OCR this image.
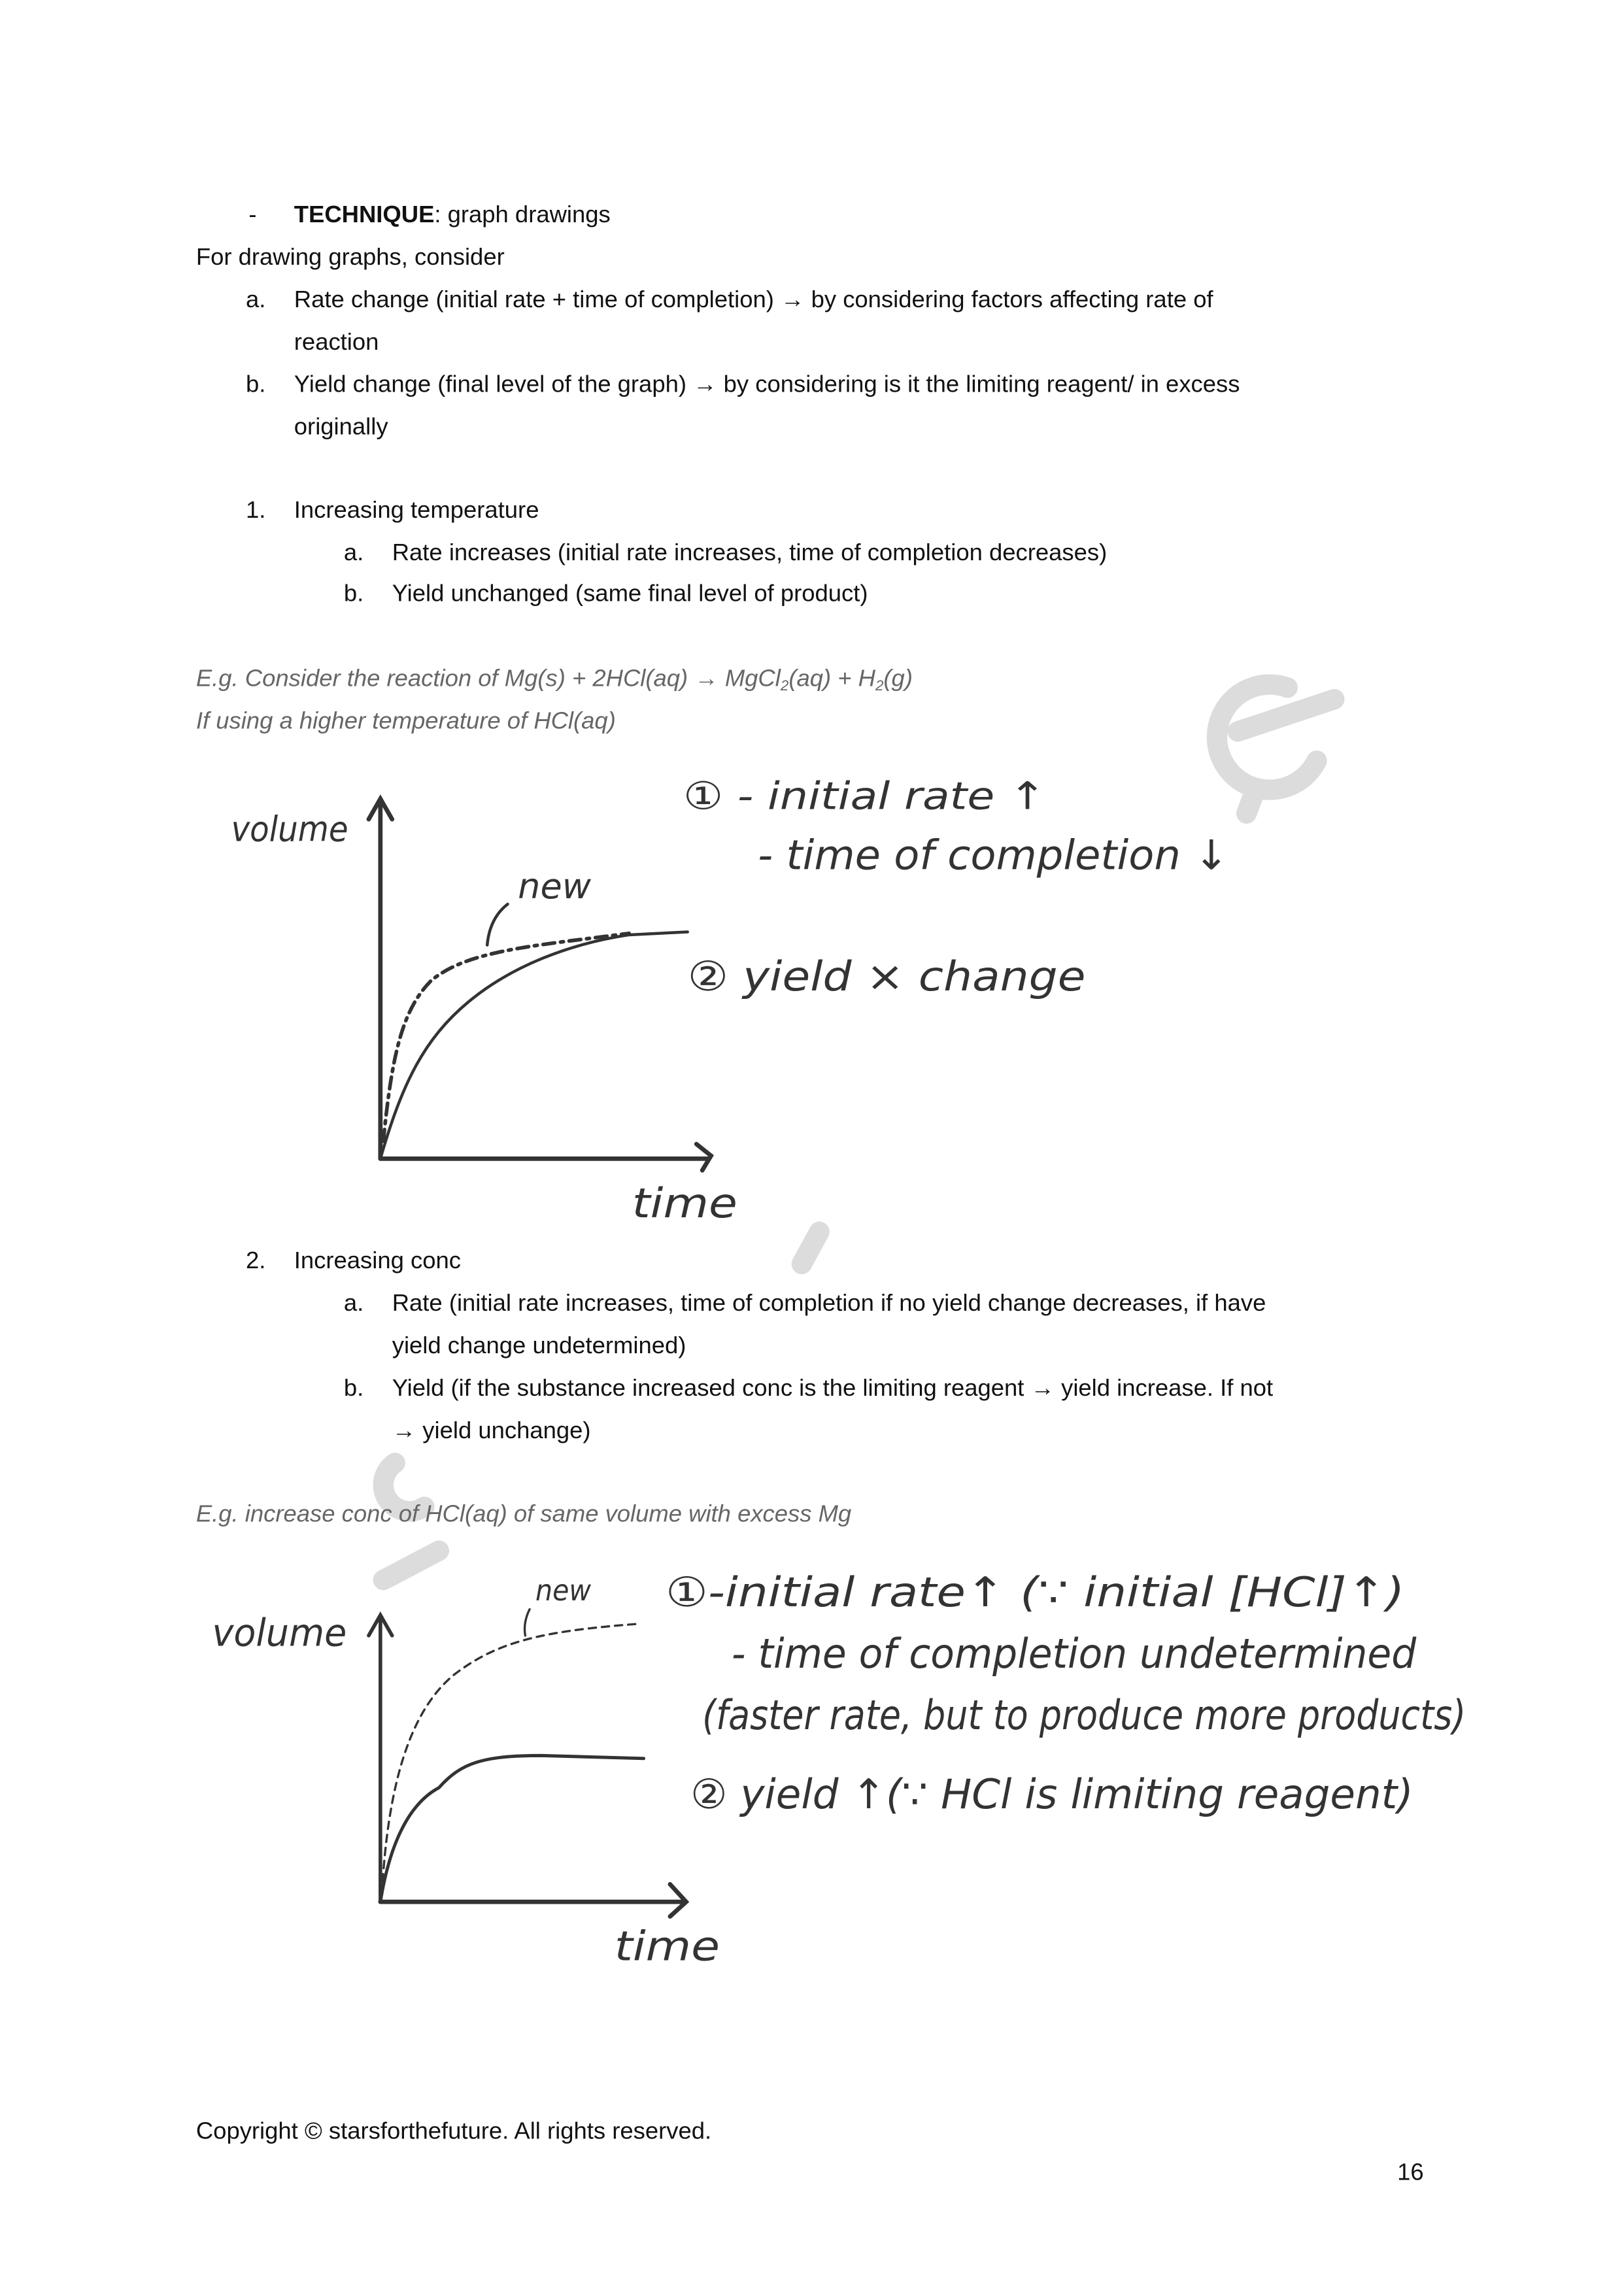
-	TECHNIQUE: graph drawings
For drawing graphs, consider
a.	Rate change (initial rate + time of completion) → by considering factors affecting rate of
reaction
b.	Yield change (final level of the graph) → by considering is it the limiting reagent/ in excess
originally
1.	Increasing temperature
a.	Rate increases (initial rate increases, time of completion decreases)
b.	Yield unchanged (same final level of product)
E.g. Consider the reaction of Mg(s) + 2HCl(aq) → MgCl$_2$(aq) + $H_2(g)$
If using a higher temperature of HCl(aq)
volume
time
new
① - initial rate ↑
- time of completion ↓
② yield × change
2.	Increasing conc
a.	Rate (initial rate increases, time of completion if no yield change decreases, if have
yield change undetermined)
b.	Yield (if the substance increased conc is the limiting reagent → yield increase. If not
→ yield unchange)
E.g. increase conc of HCl(aq) of same volume with excess Mg
volume
time
new	①-initial rate↑ (∵ initial [HCl]↑)
- time of completion undetermined
(faster rate, but to produce more products)
② yield ↑(∵ HCl is limiting reagent)
Copyright © starsforthefuture. All rights reserved.
16
